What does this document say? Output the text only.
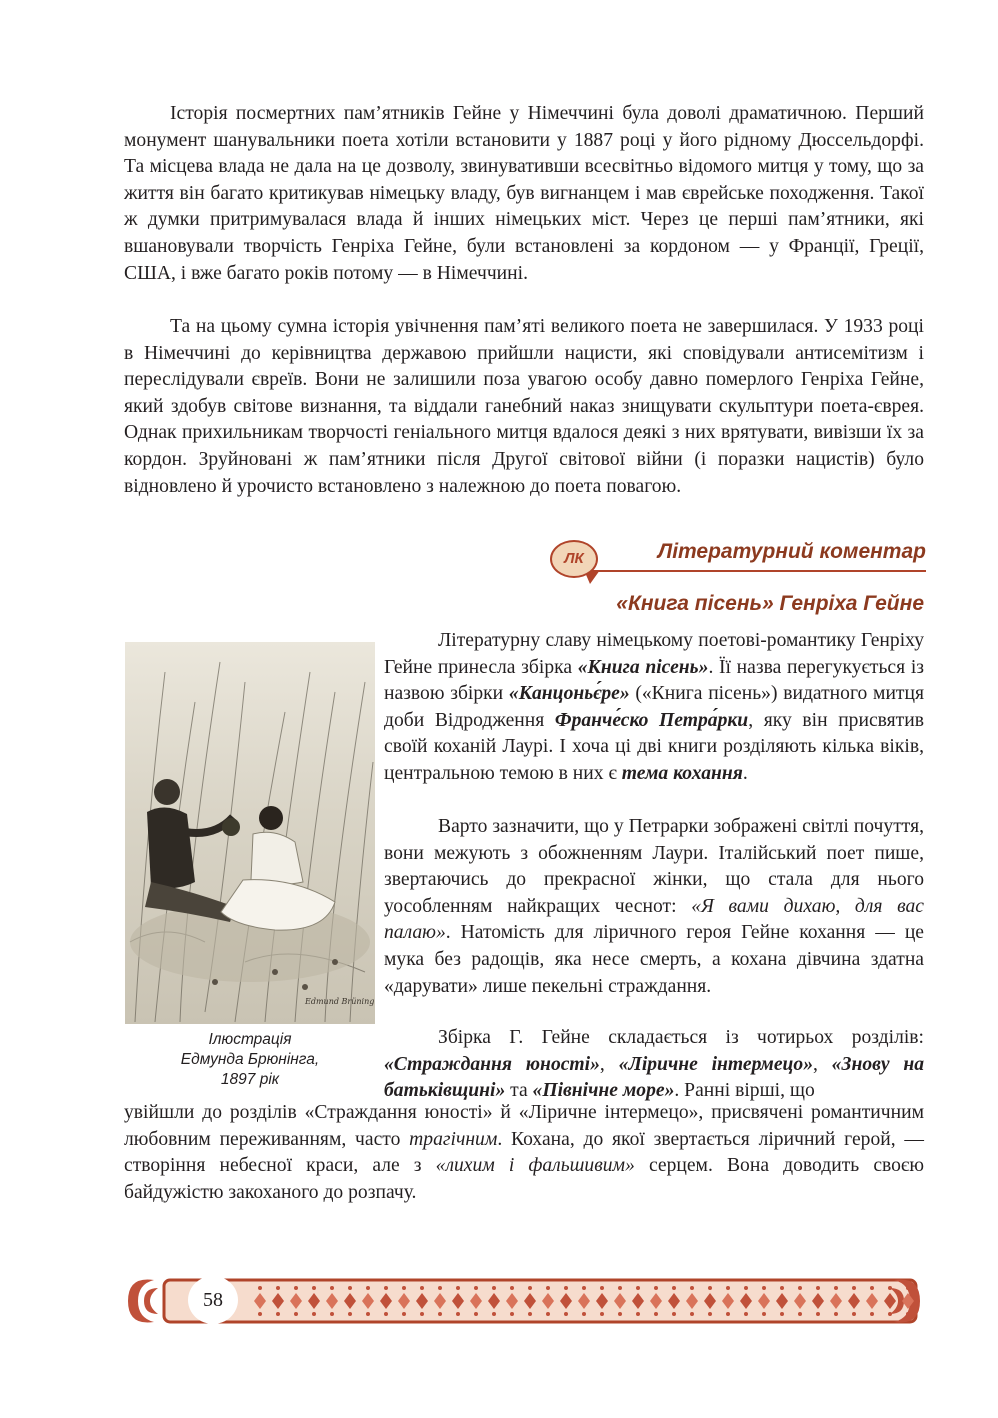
Історія посмертних пам’ятників Гейне у Німеччині була доволі драматичною. Перший монумент шанувальники поета хотіли встановити у 1887 році у його рідному Дюссельдорфі. Та місцева влада не дала на це дозволу, звинувативши всесвітньо відомого митця у тому, що за життя він багато критикував німецьку владу, був вигнанцем і мав єврейське походження. Такої ж думки притримувалася влада й інших німецьких міст. Через це перші пам’ятники, які вшановували творчість Генріха Гейне, були встановлені за кордоном — у Франції, Греції, США, і вже багато років потому — в Німеччині.

Та на цьому сумна історія увічнення пам’яті великого поета не завершилася. У 1933 році в Німеччині до керівництва державою прийшли нацисти, які сповідували антисемітизм і переслідували євреїв. Вони не залишили поза увагою особу давно померлого Генріха Гейне, який здобув світове визнання, та віддали ганебний наказ знищувати скульптури поета-єврея. Однак прихильникам творчості геніального митця вдалося деякі з них врятувати, вивізши їх за кордон. Зруйновані ж пам’ятники після Другої світової війни (і поразки нацистів) було відновлено й урочисто встановлено з належною до поета повагою.

ЛК	Літературний коментар
«Книга пісень» Генріха Гейне
Edmund Brüning
Ілюстрація
Едмунда Брюнінга,
1897 рік

Літературну славу німецькому поетові-романтику Генріху Гейне принесла збірка «Книга пісень». Її назва перегукується із назвою збірки «Канцоньє́ре» («Книга пісень») видатного митця доби Відродження Франче́ско Петра́рки, яку він присвятив своїй коханій Лаурі. І хоча ці дві книги розділяють кілька віків, центральною темою в них є тема кохання.

Варто зазначити, що у Петрарки зображені світлі почуття, вони межують з обожненням Лаури. Італійський поет пише, звертаючись до прекрасної жінки, що стала для нього уособленням найкращих чеснот: «Я вами дихаю, для вас палаю». Натомість для ліричного героя Гейне кохання — це мука без радощів, яка несе смерть, а кохана дівчина здатна «дарувати» лише пекельні страждання.

Збірка Г. Гейне складається із чотирьох розділів: «Страждання юності», «Ліричне інтермецо», «Знову на батьківщині» та «Північне море». Ранні вірші, що

увійшли до розділів «Страждання юності» й «Ліричне інтермецо», присвячені романтичним любовним переживанням, часто трагічним. Кохана, до якої звертається ліричний герой, — створіння небесної краси, але з «лихим і фальшивим» серцем. Вона доводить своєю байдужістю закоханого до розпачу.

58
